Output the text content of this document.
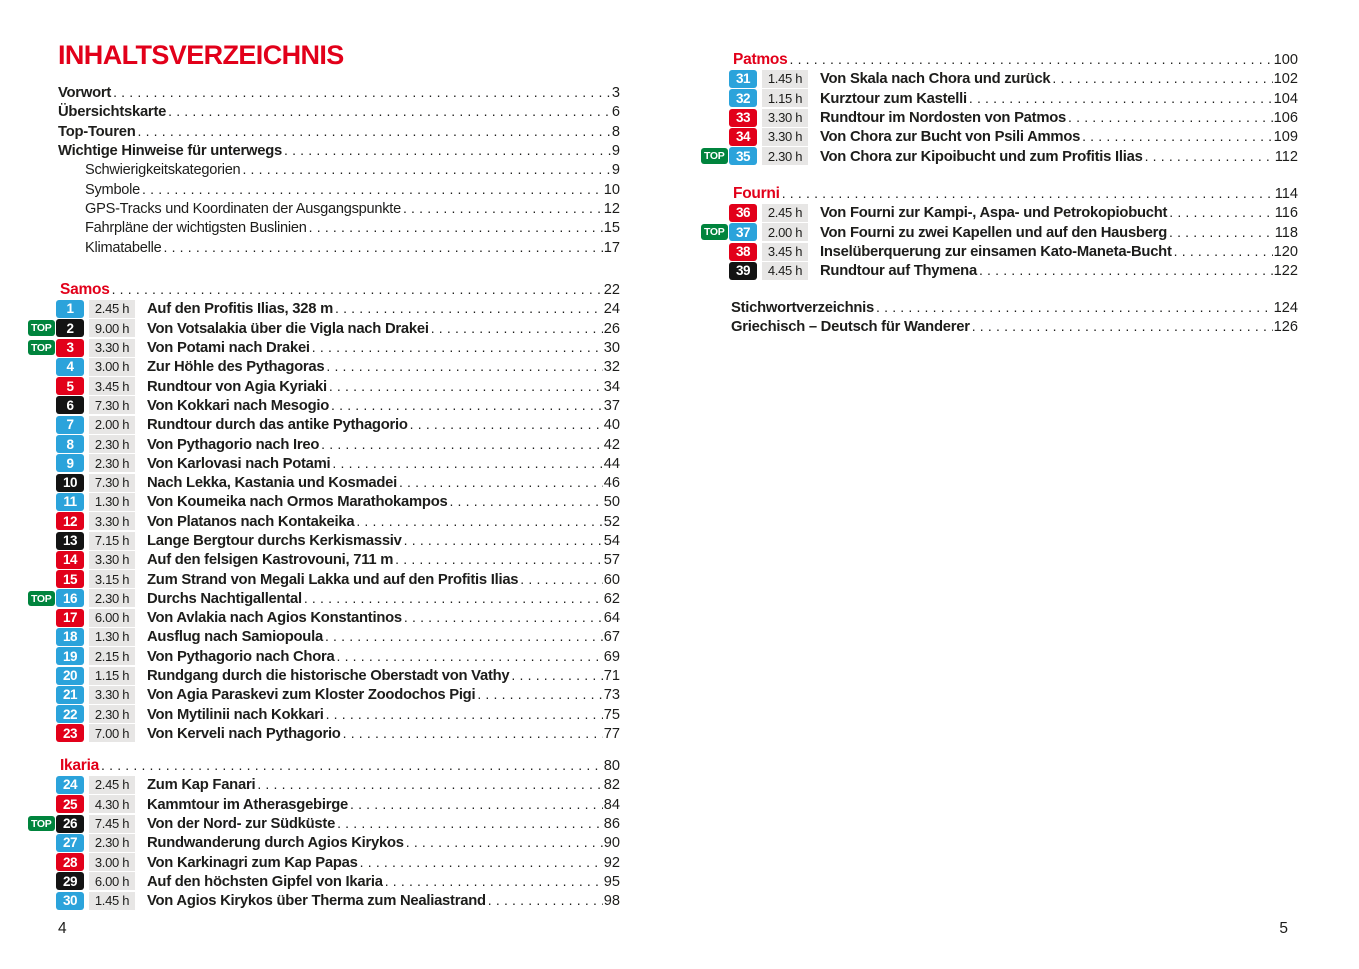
INHALTSVERZEICHNIS
Vorwort .....	3
Übersichtskarte .....	6
Top-Touren .....	8
Wichtige Hinweise für unterwegs .....	9
Schwierigkeitskategorien .....	9
Symbole .....	10
GPS-Tracks und Koordinaten der Ausgangspunkte .....	12
Fahrpläne der wichtigsten Buslinien .....	15
Klimatabelle .....	17
Samos .....	22
1	2.45 h	Auf den Profitis Ilias, 328 m .....	24
TOP	2	9.00 h	Von Votsalakia über die Vigla nach Drakei .....	26
TOP	3	3.30 h	Von Potami nach Drakei .....	30
4	3.00 h	Zur Höhle des Pythagoras .....	32
5	3.45 h	Rundtour von Agia Kyriaki .....	34
6	7.30 h	Von Kokkari nach Mesogio .....	37
7	2.00 h	Rundtour durch das antike Pythagorio .....	40
8	2.30 h	Von Pythagorio nach Ireo .....	42
9	2.30 h	Von Karlovasi nach Potami .....	44
10	7.30 h	Nach Lekka, Kastania und Kosmadei .....	46
11	1.30 h	Von Koumeika nach Ormos Marathokampos .....	50
12	3.30 h	Von Platanos nach Kontakeika .....	52
13	7.15 h	Lange Bergtour durchs Kerkismassiv .....	54
14	3.30 h	Auf den felsigen Kastrovouni, 711 m .....	57
15	3.15 h	Zum Strand von Megali Lakka und auf den Profitis Ilias .....	60
TOP 16	2.30 h	Durchs Nachtigallental .....	62
17	6.00 h	Von Avlakia nach Agios Konstantinos .....	64
18	1.30 h	Ausflug nach Samiopoula .....	67
19	2.15 h	Von Pythagorio nach Chora .....	69
20	1.15 h	Rundgang durch die historische Oberstadt von Vathy .....	71
21	3.30 h	Von Agia Paraskevi zum Kloster Zoodochos Pigi .....	73
22	2.30 h	Von Mytilinii nach Kokkari .....	75
23	7.00 h	Von Kerveli nach Pythagorio .....	77
Ikaria .....	80
24	2.45 h	Zum Kap Fanari .....	82
25	4.30 h	Kammtour im Atherasgebirge .....	84
TOP 26	7.45 h	Von der Nord- zur Südküste .....	86
27	2.30 h	Rundwanderung durch Agios Kirykos .....	90
28	3.00 h	Von Karkinagri zum Kap Papas .....	92
29	6.00 h	Auf den höchsten Gipfel von Ikaria .....	95
30	1.45 h	Von Agios Kirykos über Therma zum Nealiastrand .....	98
4
Patmos .....	100
31	1.45 h	Von Skala nach Chora und zurück .....	102
32	1.15 h	Kurztour zum Kastelli .....	104
33	3.30 h	Rundtour im Nordosten von Patmos .....	106
34	3.30 h	Von Chora zur Bucht von Psili Ammos .....	109
TOP 35	2.30 h	Von Chora zur Kipoibucht und zum Profitis Ilias .....	112
Fourni .....	114
36	2.45 h	Von Fourni zur Kampi-, Aspa- und Petrokopiobucht .....	116
TOP 37	2.00 h	Von Fourni zu zwei Kapellen und auf den Hausberg .....	118
38	3.45 h	Inselüberquerung zur einsamen Kato-Maneta-Bucht .....	120
39	4.45 h	Rundtour auf Thymena .....	122
Stichwortverzeichnis .....	124
Griechisch – Deutsch für Wanderer .....	126
5
